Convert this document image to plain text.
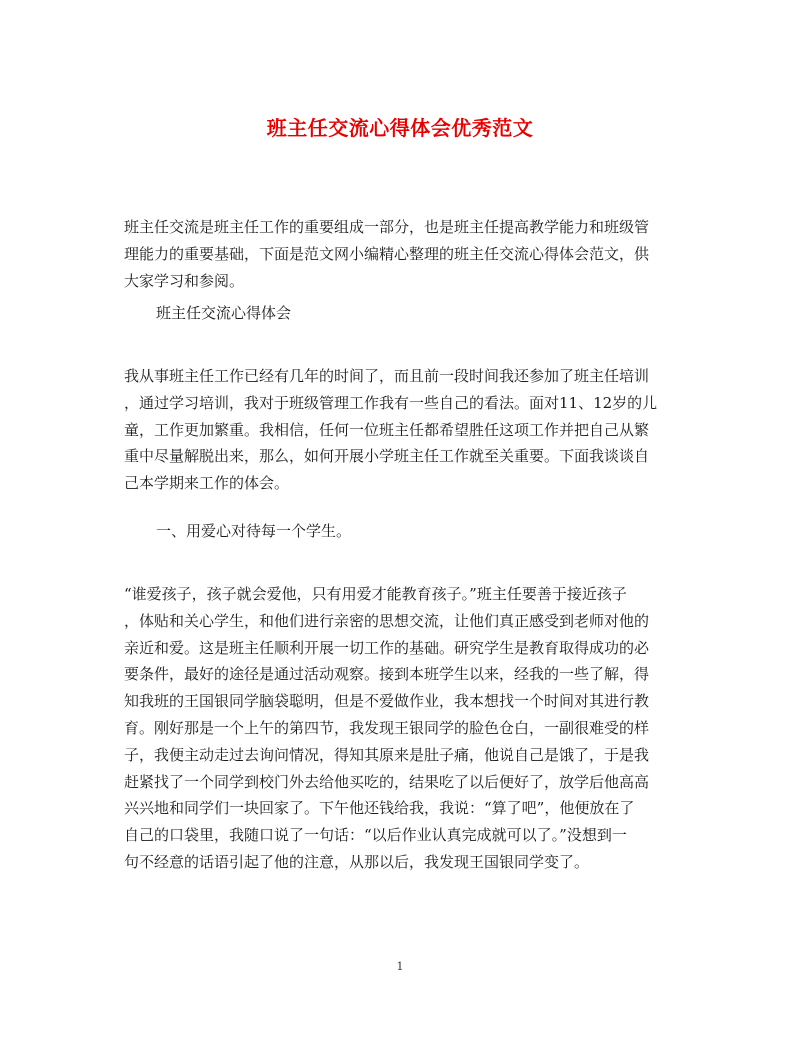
班主任交流心得体会优秀范文
班主任交流是班主任工作的重要组成一部分，也是班主任提高教学能力和班级管
理能力的重要基础，下面是范文网小编精心整理的班主任交流心得体会范文，供
大家学习和参阅。
班主任交流心得体会
我从事班主任工作已经有几年的时间了，而且前一段时间我还参加了班主任培训
，通过学习培训，我对于班级管理工作我有一些自己的看法。面对11、12岁的儿
童，工作更加繁重。我相信，任何一位班主任都希望胜任这项工作并把自己从繁
重中尽量解脱出来，那么，如何开展小学班主任工作就至关重要。下面我谈谈自
己本学期来工作的体会。
一、用爱心对待每一个学生。
“谁爱孩子，孩子就会爱他，只有用爱才能教育孩子。”班主任要善于接近孩子
，体贴和关心学生，和他们进行亲密的思想交流，让他们真正感受到老师对他的
亲近和爱。这是班主任顺利开展一切工作的基础。研究学生是教育取得成功的必
要条件，最好的途径是通过活动观察。接到本班学生以来，经我的一些了解，得
知我班的王国银同学脑袋聪明，但是不爱做作业，我本想找一个时间对其进行教
育。刚好那是一个上午的第四节，我发现王银同学的脸色仓白，一副很难受的样
子，我便主动走过去询问情况，得知其原来是肚子痛，他说自己是饿了，于是我
赶紧找了一个同学到校门外去给他买吃的，结果吃了以后便好了，放学后他高高
兴兴地和同学们一块回家了。下午他还钱给我，我说：“算了吧”，他便放在了
自己的口袋里，我随口说了一句话：“以后作业认真完成就可以了。”没想到一
句不经意的话语引起了他的注意，从那以后，我发现王国银同学变了。
1
